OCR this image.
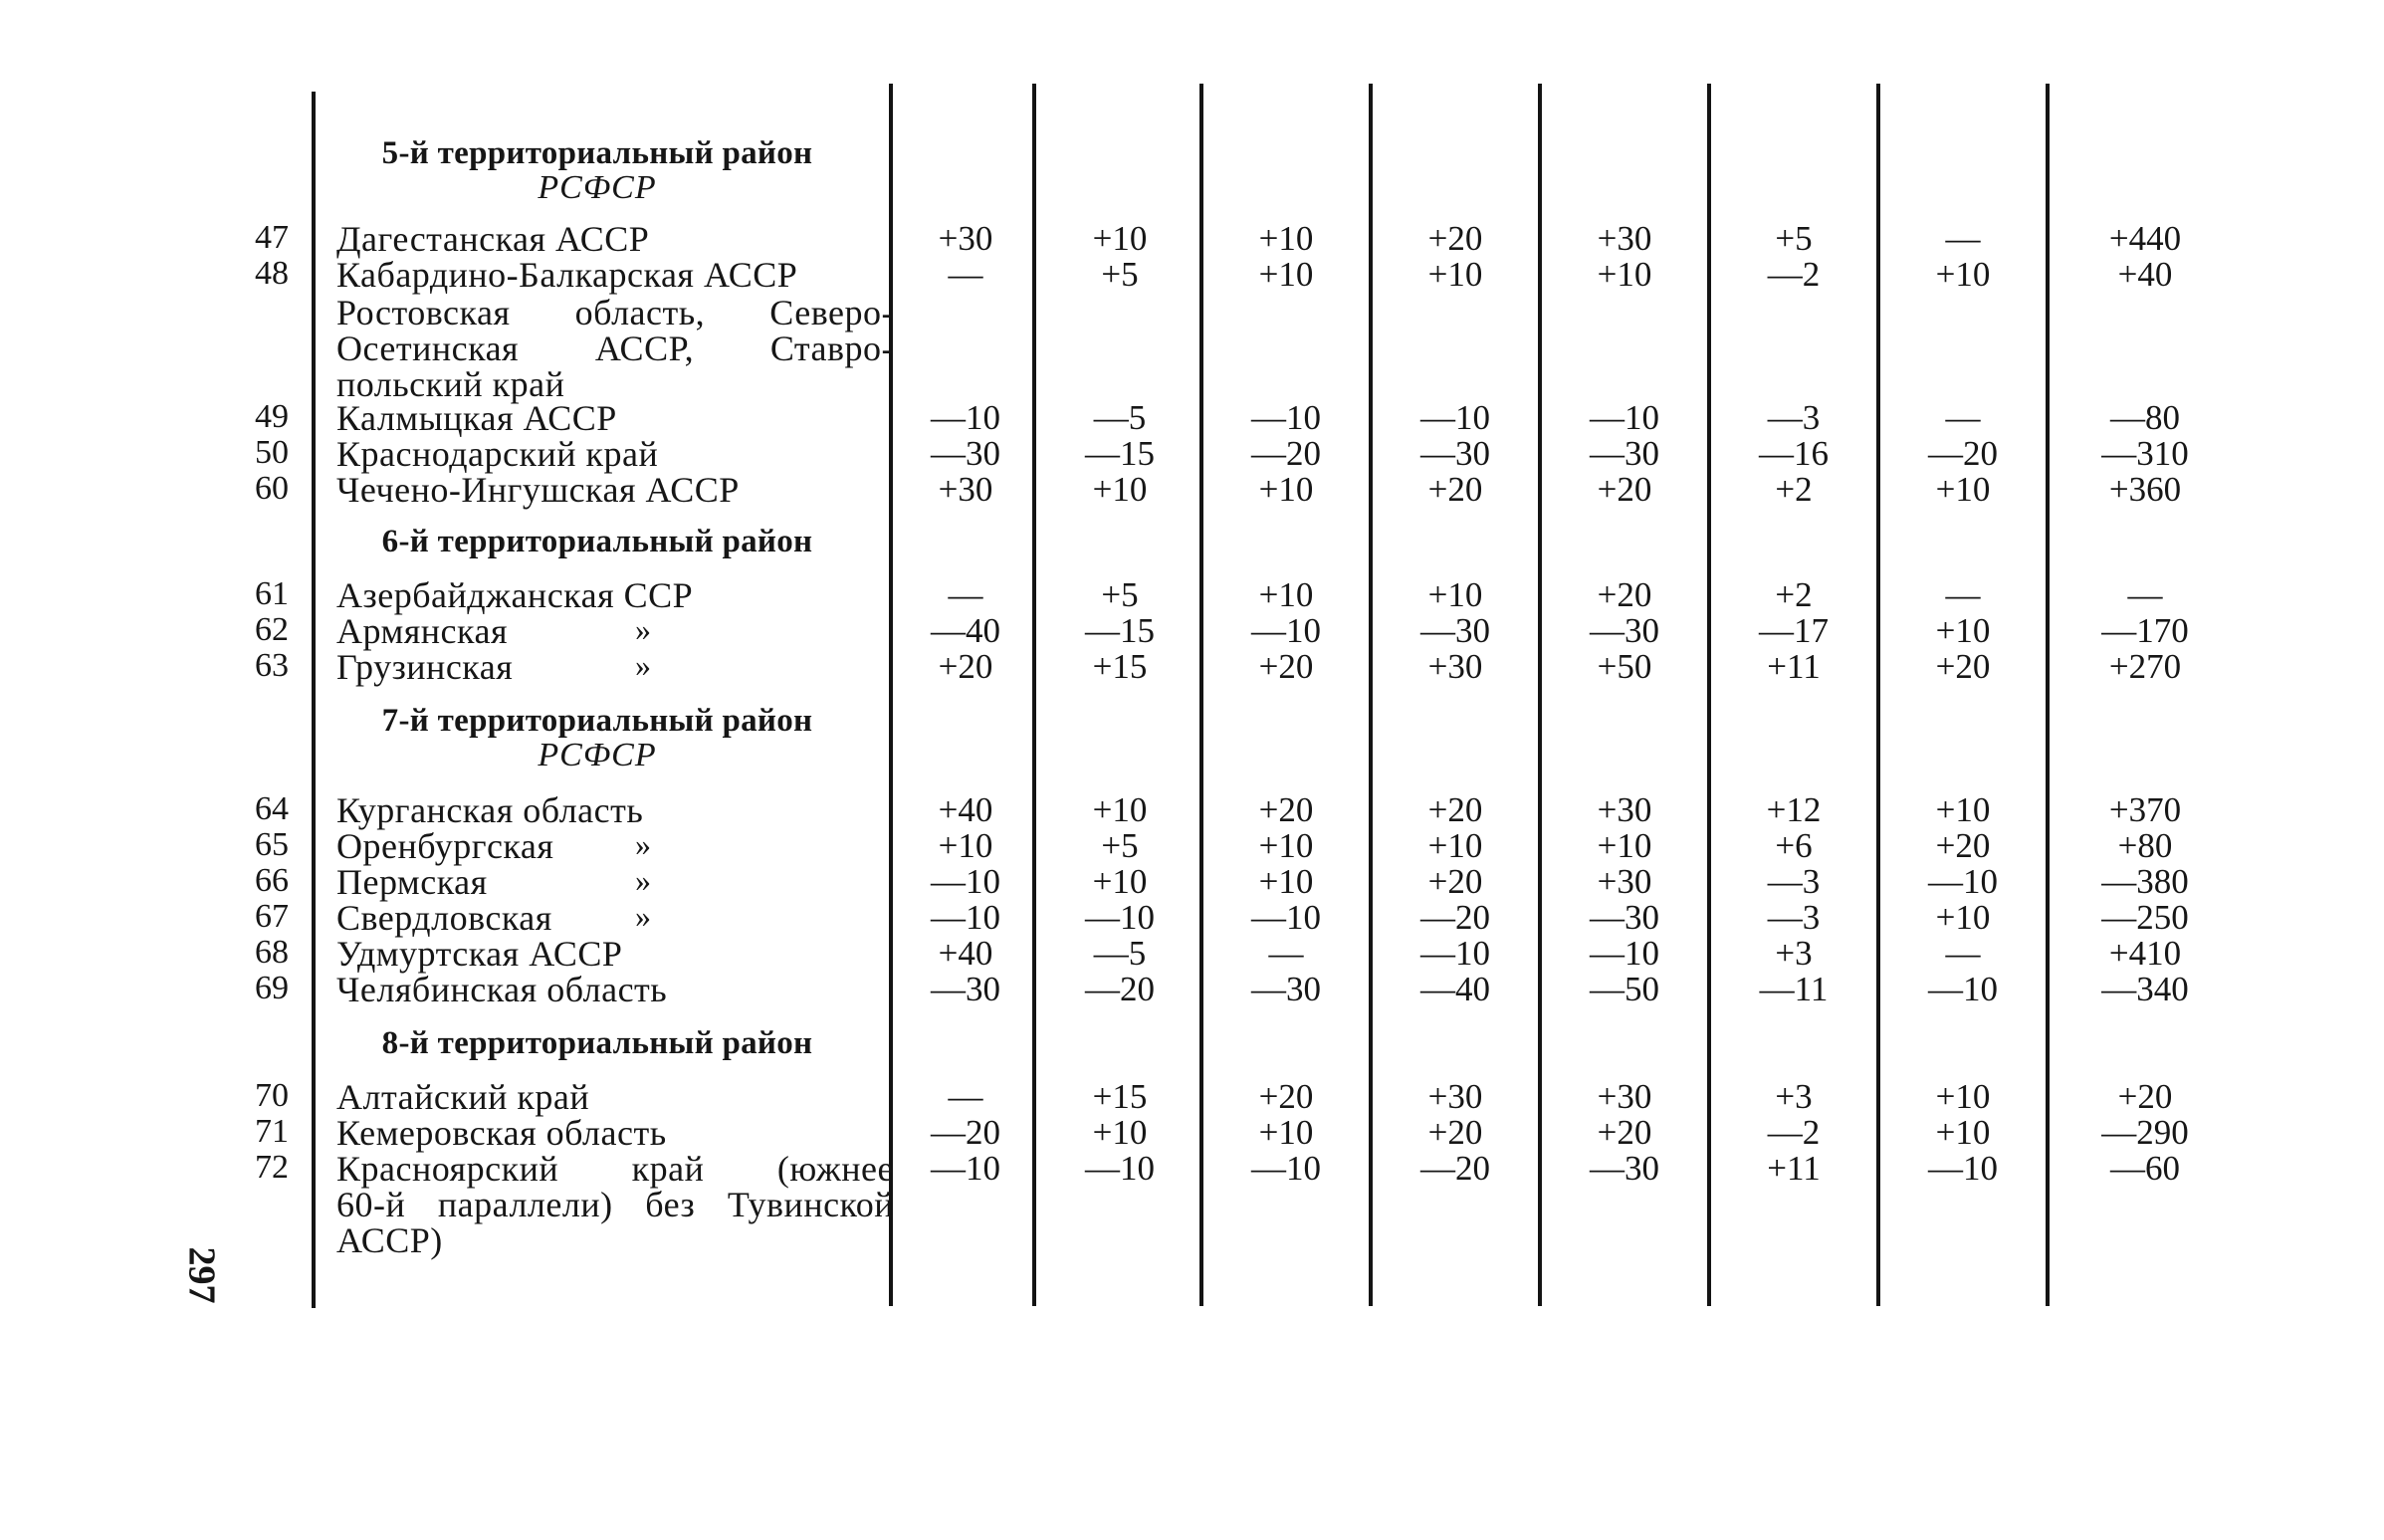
297
5-й территориальный район
РСФСР
47 Дагестанская АССР	+30	+10	+10	+20	+30	+5	—	+440
48 Кабардино-Балкарская АССР	—	+5	+10	+10	+10	—2	+10	+40
Ростовская область, Северо-
Осетинская АССР, Ставро-
польский край
49 Калмыцкая АССР	—10	—5	—10	—10	—10	—3	—	—80
50 Краснодарский край	—30	—15	—20	—30	—30	—16	—20	—310
60 Чечено-Ингушская АССР	+30	+10	+10	+20	+20	+2	+10	+360
6-й территориальный район
61 Азербайджанская ССР	—	+5	+10	+10	+20	+2	—	—
62 Армянская	»	—40	—15	—10	—30	—30	—17	+10	—170
63 Грузинская	»	+20	+15	+20	+30	+50	+11	+20	+270
7-й территориальный район
РСФСР
64 Курганская область	+40	+10	+20	+20	+30	+12	+10	+370
65 Оренбургская	»	+10	+5	+10	+10	+10	+6	+20	+80
66 Пермская	»	—10	+10	+10	+20	+30	—3	—10	—380
67 Свердловская	»	—10	—10	—10	—20	—30	—3	+10	—250
68 Удмуртская АССР	+40	—5	—	—10	—10	+3	—	+410
69 Челябинская область	—30	—20	—30	—40	—50	—11	—10	—340
8-й территориальный район
70 Алтайский край	—	+15	+20	+30	+30	+3	+10	+20
71 Кемеровская область	—20	+10	+10	+20	+20	—2	+10	—290
72 Красноярский край (южнее
60-й параллели) без Тувинской
АССР)
—10	—10	—10	—20	—30	+11	—10	—60
